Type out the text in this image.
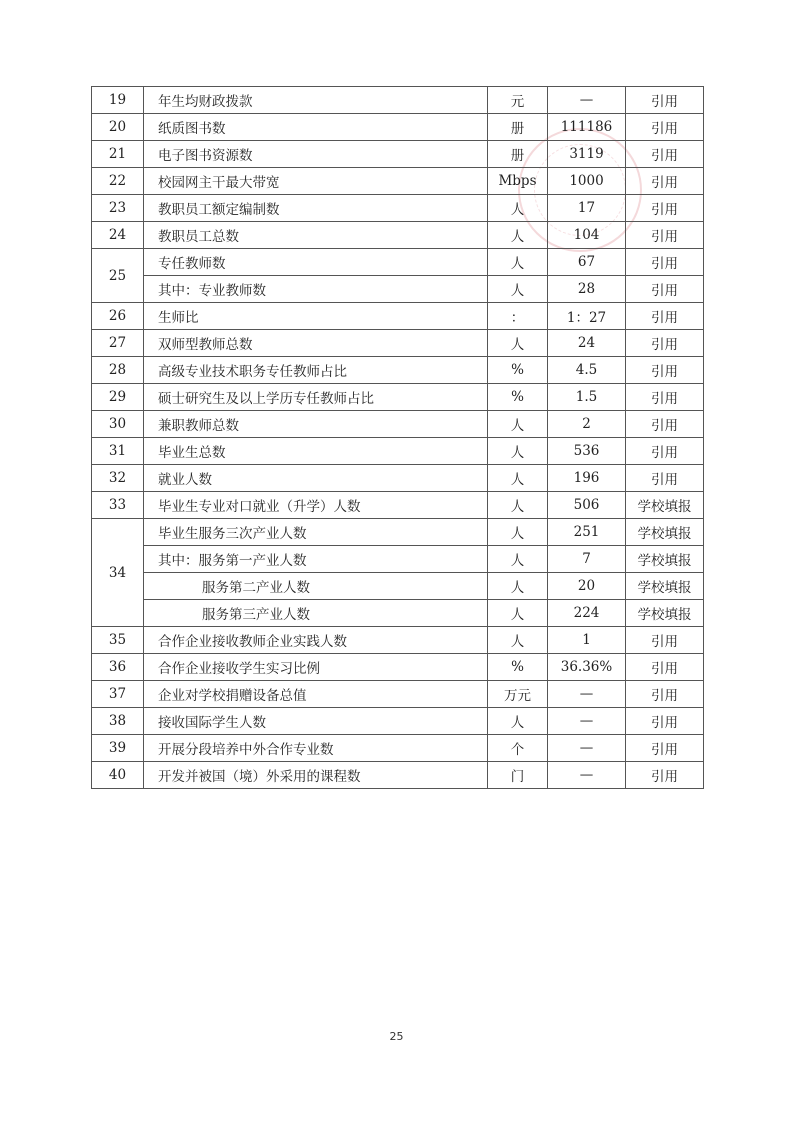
19	年生均财政拨款	元	—	引用
20	纸质图书数	册	111186	引用
21	电子图书资源数	册	3119	引用
22	校园网主干最大带宽	Mbps	1000	引用
23	教职员工额定编制数	人	17	引用
24	教职员工总数	人	104	引用
25	专任教师数	人	67	引用
	其中：专业教师数	人	28	引用
26	生师比	：	1：27	引用
27	双师型教师总数	人	24	引用
28	高级专业技术职务专任教师占比	%	4.5	引用
29	硕士研究生及以上学历专任教师占比	%	1.5	引用
30	兼职教师总数	人	2	引用
31	毕业生总数	人	536	引用
32	就业人数	人	196	引用
33	毕业生专业对口就业（升学）人数	人	506	学校填报
34	毕业生服务三次产业人数	人	251	学校填报
	其中：服务第一产业人数	人	7	学校填报
	服务第二产业人数	人	20	学校填报
	服务第三产业人数	人	224	学校填报
35	合作企业接收教师企业实践人数	人	1	引用
36	合作企业接收学生实习比例	%	36.36%	引用
37	企业对学校捐赠设备总值	万元	—	引用
38	接收国际学生人数	人	—	引用
39	开展分段培养中外合作专业数	个	—	引用
40	开发并被国（境）外采用的课程数	门	—	引用
25
